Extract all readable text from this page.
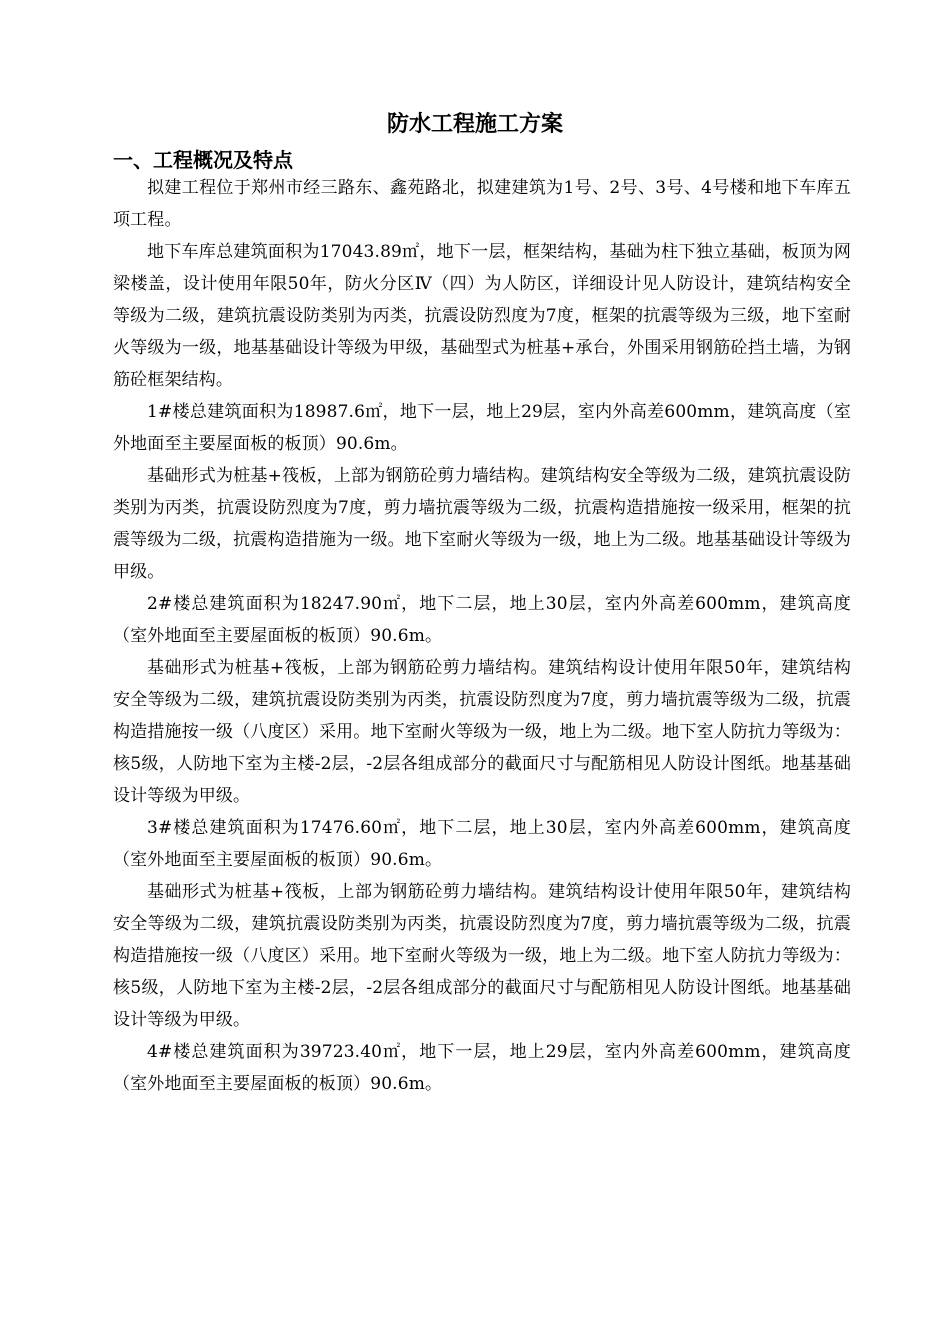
防水工程施工方案
一、工程概况及特点

拟建工程位于郑州市经三路东、鑫苑路北，拟建建筑为1号、2号、3号、4号楼和地下车库五项工程。

地下车库总建筑面积为17043.89㎡，地下一层，框架结构，基础为柱下独立基础，板顶为网梁楼盖，设计使用年限50年，防火分区Ⅳ（四）为人防区，详细设计见人防设计，建筑结构安全等级为二级，建筑抗震设防类别为丙类，抗震设防烈度为7度，框架的抗震等级为三级，地下室耐火等级为一级，地基基础设计等级为甲级，基础型式为桩基+承台，外围采用钢筋砼挡土墙，为钢筋砼框架结构。

1#楼总建筑面积为18987.6㎡，地下一层，地上29层，室内外高差600mm，建筑高度（室外地面至主要屋面板的板顶）90.6m。

基础形式为桩基+筏板，上部为钢筋砼剪力墙结构。建筑结构安全等级为二级，建筑抗震设防类别为丙类，抗震设防烈度为7度，剪力墙抗震等级为二级，抗震构造措施按一级采用，框架的抗震等级为二级，抗震构造措施为一级。地下室耐火等级为一级，地上为二级。地基基础设计等级为甲级。

2#楼总建筑面积为18247.90㎡，地下二层，地上30层，室内外高差600mm，建筑高度（室外地面至主要屋面板的板顶）90.6m。

基础形式为桩基+筏板，上部为钢筋砼剪力墙结构。建筑结构设计使用年限50年，建筑结构安全等级为二级，建筑抗震设防类别为丙类，抗震设防烈度为7度，剪力墙抗震等级为二级，抗震构造措施按一级（八度区）采用。地下室耐火等级为一级，地上为二级。地下室人防抗力等级为：核5级，人防地下室为主楼-2层，-2层各组成部分的截面尺寸与配筋相见人防设计图纸。地基基础设计等级为甲级。

3#楼总建筑面积为17476.60㎡，地下二层，地上30层，室内外高差600mm，建筑高度（室外地面至主要屋面板的板顶）90.6m。

基础形式为桩基+筏板，上部为钢筋砼剪力墙结构。建筑结构设计使用年限50年，建筑结构安全等级为二级，建筑抗震设防类别为丙类，抗震设防烈度为7度，剪力墙抗震等级为二级，抗震构造措施按一级（八度区）采用。地下室耐火等级为一级，地上为二级。地下室人防抗力等级为：核5级，人防地下室为主楼-2层，-2层各组成部分的截面尺寸与配筋相见人防设计图纸。地基基础设计等级为甲级。

4#楼总建筑面积为39723.40㎡，地下一层，地上29层，室内外高差600mm，建筑高度（室外地面至主要屋面板的板顶）90.6m。
